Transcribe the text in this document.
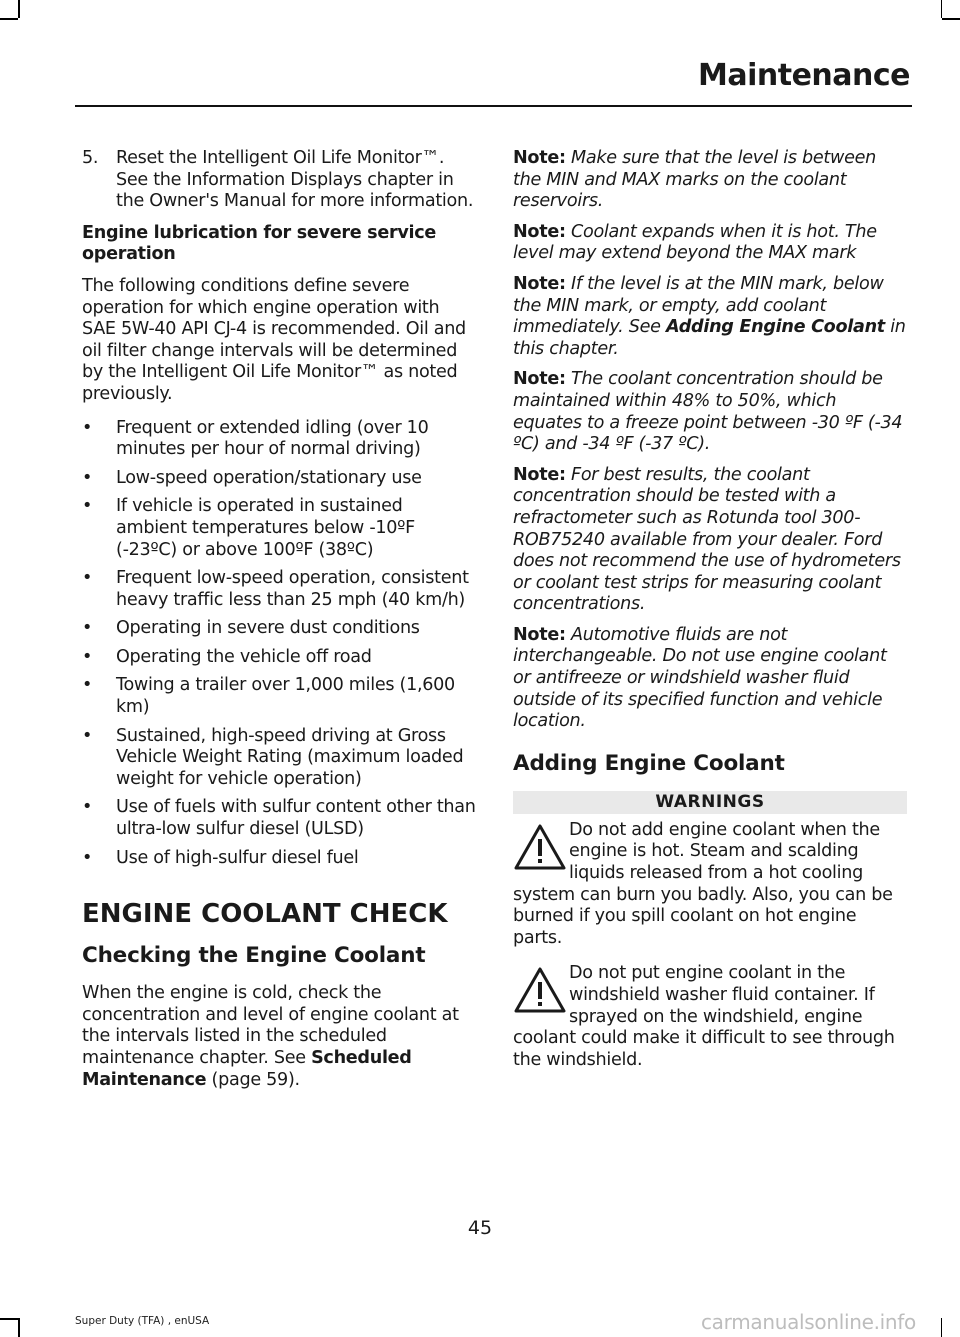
Maintenance
5.	Reset the Intelligent Oil Life Monitor™. See the Information Displays chapter in the Owner's Manual for more information.
Engine lubrication for severe service operation

The following conditions define severe operation for which engine operation with SAE 5W-40 API CJ-4 is recommended. Oil and oil filter change intervals will be determined by the Intelligent Oil Life Monitor™ as noted previously.

•	Frequent or extended idling (over 10 minutes per hour of normal driving)
•	Low-speed operation/stationary use
•	If vehicle is operated in sustained ambient temperatures below -10ºF (-23ºC) or above 100ºF (38ºC)
•	Frequent low-speed operation, consistent heavy traffic less than 25 mph (40 km/h)
•	Operating in severe dust conditions
•	Operating the vehicle off road
•	Towing a trailer over 1,000 miles (1,600 km)
•	Sustained, high-speed driving at Gross Vehicle Weight Rating (maximum loaded weight for vehicle operation)
•	Use of fuels with sulfur content other than ultra-low sulfur diesel (ULSD)
•	Use of high-sulfur diesel fuel
ENGINE COOLANT CHECK
Checking the Engine Coolant

When the engine is cold, check the concentration and level of engine coolant at the intervals listed in the scheduled maintenance chapter. See Scheduled Maintenance (page 59).

Note: Make sure that the level is between the MIN and MAX marks on the coolant reservoirs.
Note: Coolant expands when it is hot. The level may extend beyond the MAX mark
Note: If the level is at the MIN mark, below the MIN mark, or empty, add coolant immediately. See Adding Engine Coolant in this chapter.
Note: The coolant concentration should be maintained within 48% to 50%, which equates to a freeze point between -30 ºF (-34 ºC) and -34 ºF (-37 ºC).
Note: For best results, the coolant concentration should be tested with a refractometer such as Rotunda tool 300-ROB75240 available from your dealer. Ford does not recommend the use of hydrometers or coolant test strips for measuring coolant concentrations.
Note: Automotive fluids are not interchangeable. Do not use engine coolant or antifreeze or windshield washer fluid outside of its specified function and vehicle location.
Adding Engine Coolant
WARNINGS
Do not add engine coolant when the engine is hot. Steam and scalding liquids released from a hot cooling system can burn you badly. Also, you can be burned if you spill coolant on hot engine parts.
Do not put engine coolant in the windshield washer fluid container. If sprayed on the windshield, engine coolant could make it difficult to see through the windshield.
45
Super Duty (TFA) , enUSA	carmanualsonline.info
